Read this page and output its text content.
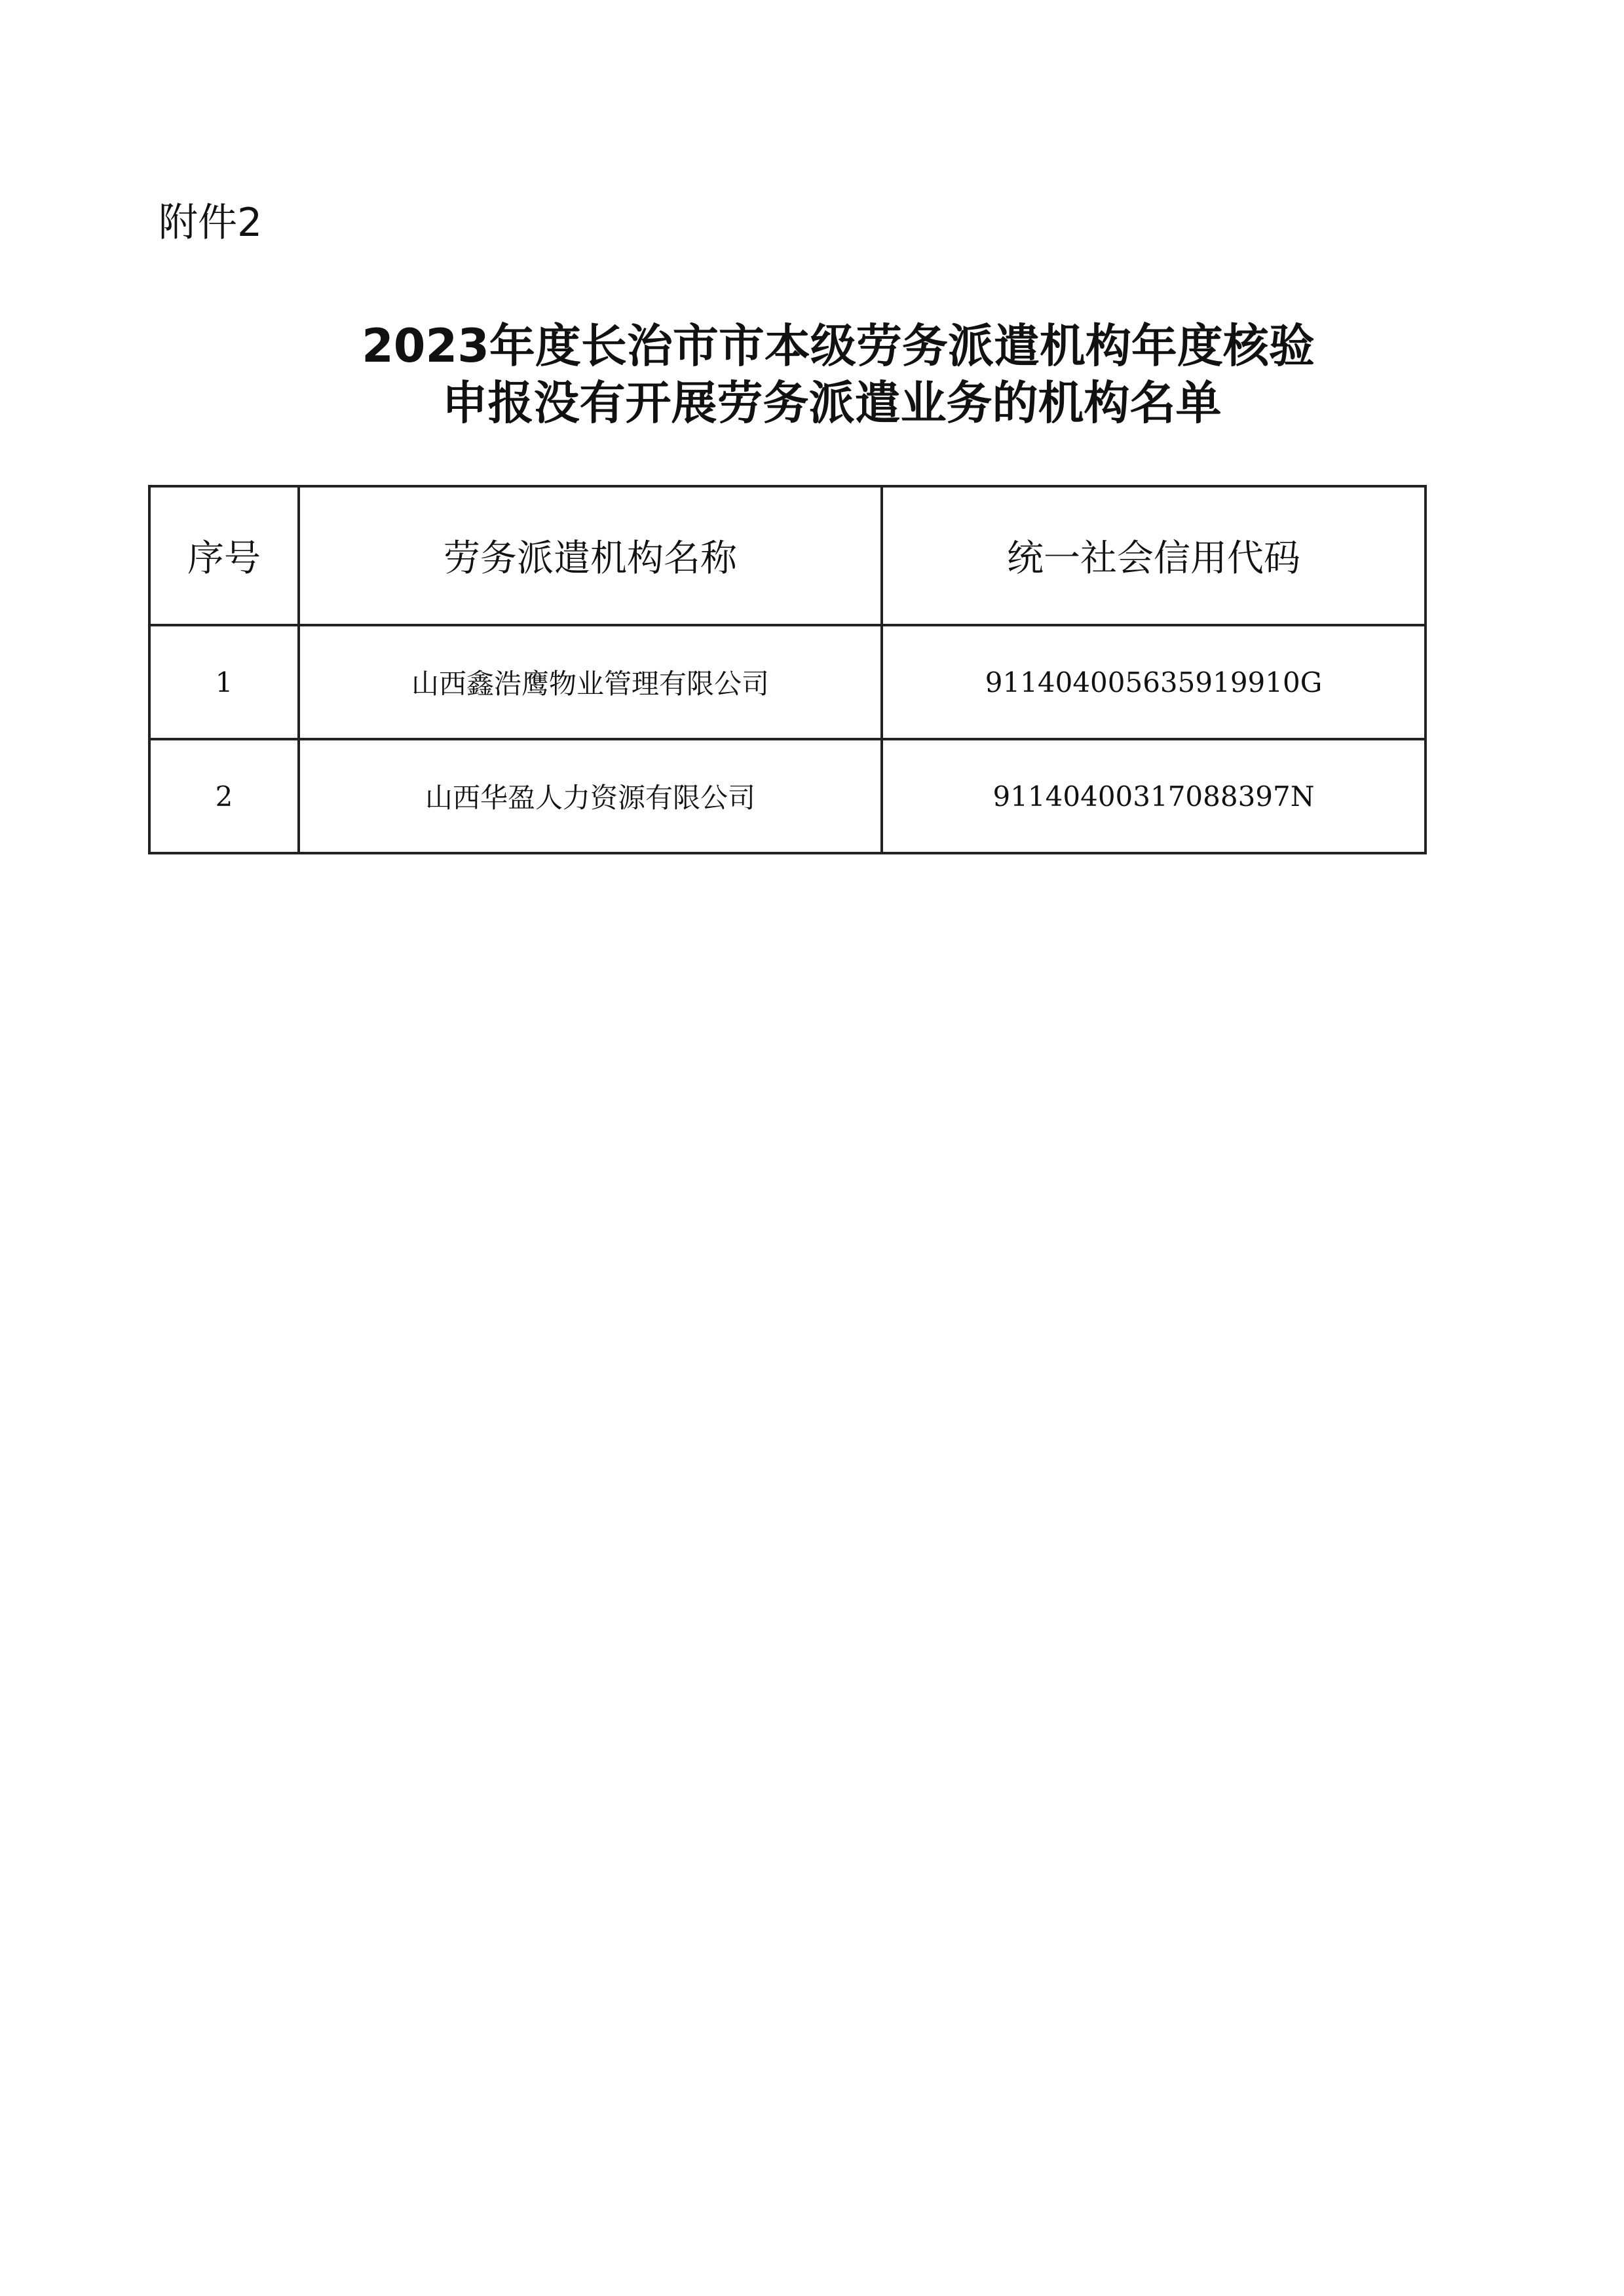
附件2

2023年度长治市市本级劳务派遣机构年度核验
申报没有开展劳务派遣业务的机构名单
序号	劳务派遣机构名称	统一社会信用代码
1	山西鑫浩鹰物业管理有限公司	911404005635919910G
2	山西华盈人力资源有限公司	91140400317088397N
